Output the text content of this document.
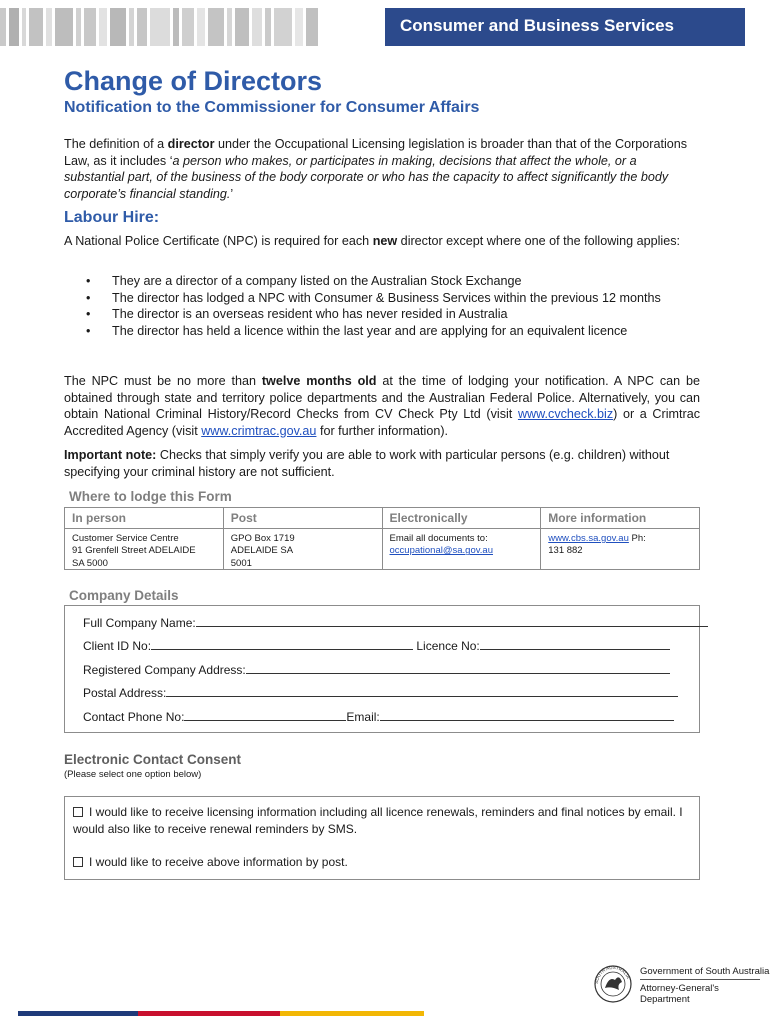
Consumer and Business Services
Change of Directors
Notification to the Commissioner for Consumer Affairs

The definition of a director under the Occupational Licensing legislation is broader than that of the Corporations Law, as it includes ‘a person who makes, or participates in making, decisions that affect the whole, or a substantial part, of the business of the body corporate or who has the capacity to affect significantly the body corporate’s financial standing.’

Labour Hire:

A National Police Certificate (NPC) is required for each new director except where one of the following applies:

• They are a director of a company listed on the Australian Stock Exchange
• The director has lodged a NPC with Consumer & Business Services within the previous 12 months
• The director is an overseas resident who has never resided in Australia
• The director has held a licence within the last year and are applying for an equivalent licence

The NPC must be no more than twelve months old at the time of lodging your notification. A NPC can be obtained through state and territory police departments and the Australian Federal Police. Alternatively, you can obtain National Criminal History/Record Checks from CV Check Pty Ltd (visit www.cvcheck.biz) or a Crimtrac Accredited Agency (visit www.crimtrac.gov.au for further information).

Important note: Checks that simply verify you are able to work with particular persons (e.g. children) without specifying your criminal history are not sufficient.

Where to lodge this Form
In person
Customer Service Centre
91 Grenfell Street ADELAIDE
SA 5000
Post
GPO Box 1719
ADELAIDE SA
5001
Electronically
Email all documents to:
occupational@sa.gov.au
More information
www.cbs.sa.gov.au Ph:
131 882
Company Details
Full Company Name:
Client ID No:	Licence No:
Registered Company Address:
Postal Address:
Contact Phone No:	Email:
Electronic Contact Consent
(Please select one option below)
I would like to receive licensing information including all licence renewals, reminders and final notices by email. I would also like to receive renewal reminders by SMS.
I would like to receive above information by post.
SOUTH AUSTRALIA
Government of South Australia
Attorney-General's Department
